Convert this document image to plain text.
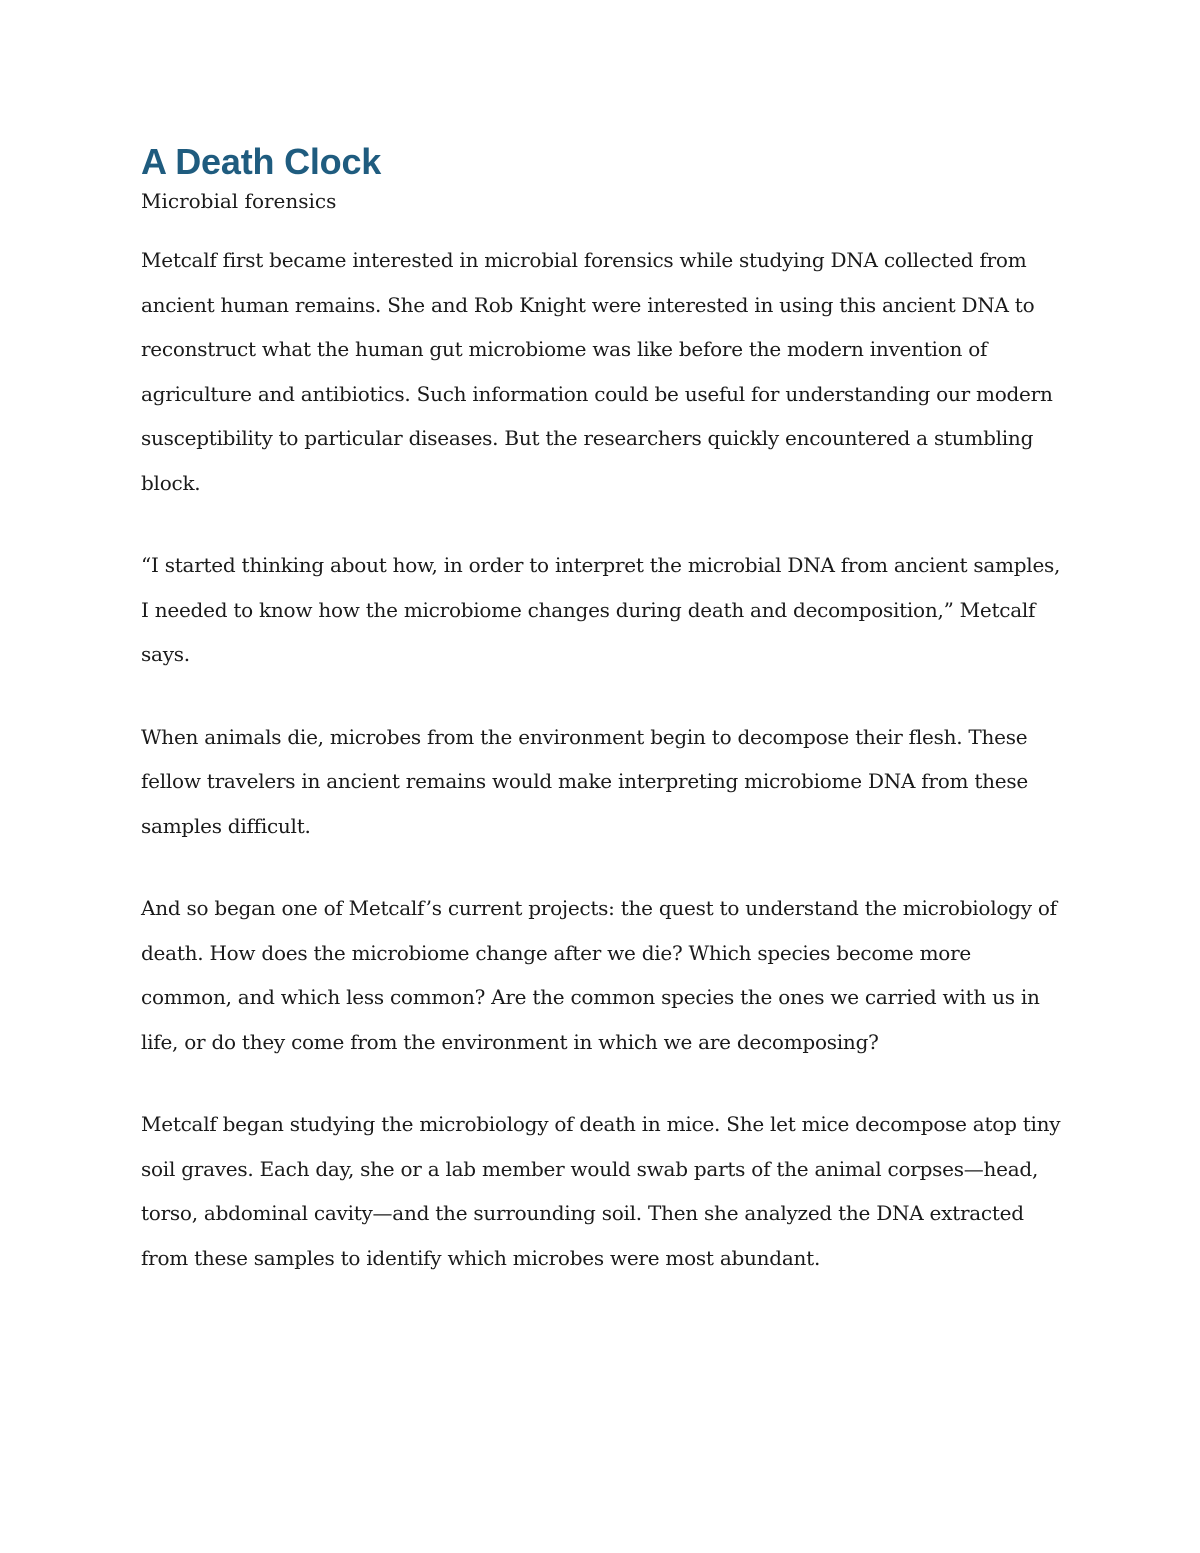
A Death Clock

Microbial forensics

Metcalf first became interested in microbial forensics while studying DNA collected from ancient human remains. She and Rob Knight were interested in using this ancient DNA to reconstruct what the human gut microbiome was like before the modern invention of agriculture and antibiotics. Such information could be useful for understanding our modern susceptibility to particular diseases. But the researchers quickly encountered a stumbling block.

“I started thinking about how, in order to interpret the microbial DNA from ancient samples, I needed to know how the microbiome changes during death and decomposition,” Metcalf says.

When animals die, microbes from the environment begin to decompose their flesh. These fellow travelers in ancient remains would make interpreting microbiome DNA from these samples difficult.

And so began one of Metcalf’s current projects: the quest to understand the microbiology of death. How does the microbiome change after we die? Which species become more common, and which less common? Are the common species the ones we carried with us in life, or do they come from the environment in which we are decomposing?

Metcalf began studying the microbiology of death in mice. She let mice decompose atop tiny soil graves. Each day, she or a lab member would swab parts of the animal corpses—head, torso, abdominal cavity—and the surrounding soil. Then she analyzed the DNA extracted from these samples to identify which microbes were most abundant.
